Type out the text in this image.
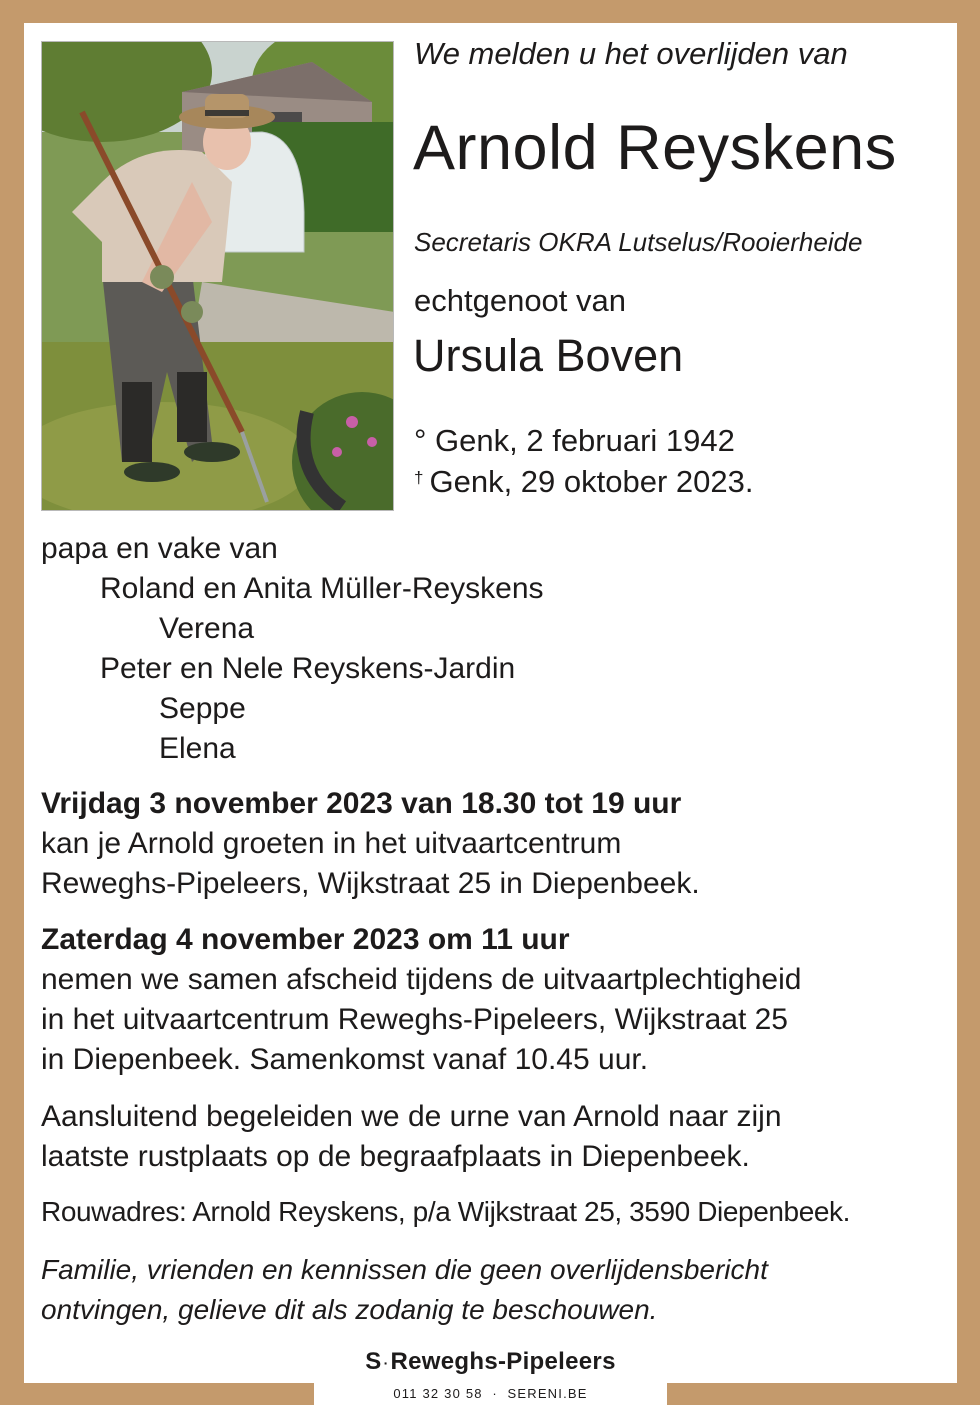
We melden u het overlijden van
Arnold Reyskens
Secretaris OKRA Lutselus/Rooierheide
echtgenoot van
Ursula Boven
° Genk, 2 februari 1942
† Genk, 29 oktober 2023.
papa en vake van
Roland en Anita Müller-Reyskens
Verena
Peter en Nele Reyskens-Jardin
Seppe
Elena
Vrijdag 3 november 2023 van 18.30 tot 19 uur
kan je Arnold groeten in het uitvaartcentrum
Reweghs-Pipeleers, Wijkstraat 25 in Diepenbeek.
Zaterdag 4 november 2023 om 11 uur
nemen we samen afscheid tijdens de uitvaartplechtigheid
in het uitvaartcentrum Reweghs-Pipeleers, Wijkstraat 25
in Diepenbeek. Samenkomst vanaf 10.45 uur.
Aansluitend begeleiden we de urne van Arnold naar zijn
laatste rustplaats op de begraafplaats in Diepenbeek.
Rouwadres: Arnold Reyskens, p/a Wijkstraat 25, 3590 Diepenbeek.
Familie, vrienden en kennissen die geen overlijdensbericht
ontvingen, gelieve dit als zodanig te beschouwen.
S ·Reweghs-Pipeleers
011 32 30 58 · SERENI.BE
